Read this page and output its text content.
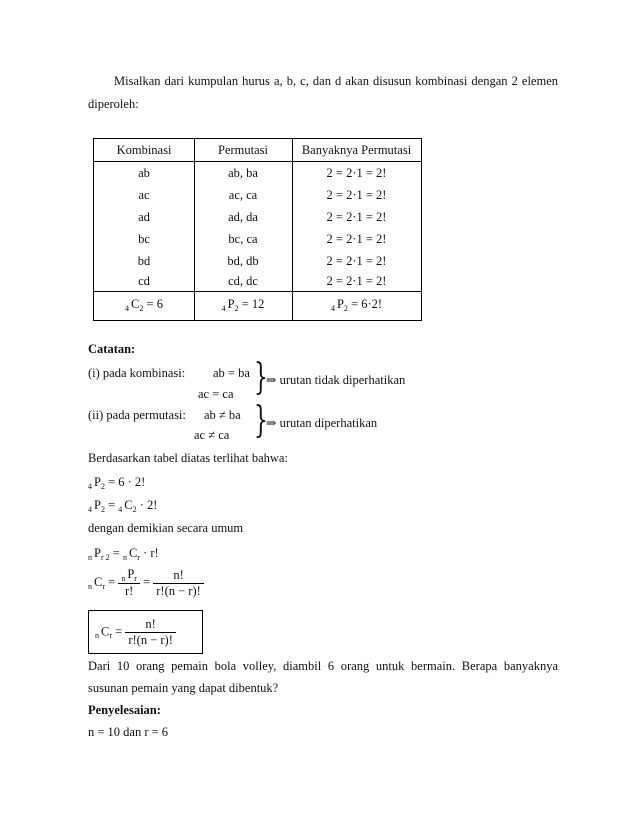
Misalkan dari kumpulan hurus a, b, c, dan d akan disusun kombinasi dengan 2 elemen
diperoleh:
Kombinasi	Permutasi	Banyaknya Permutasi
ab	ab, ba	2 = 2·1 = 2!
ac	ac, ca	2 = 2·1 = 2!
ad	ad, da	2 = 2·1 = 2!
bc	bc, ca	2 = 2·1 = 2!
bd	bd, db	2 = 2·1 = 2!
cd	cd, dc	2 = 2·1 = 2!
$_4$ $C_2 = 6$	$_4$ $P_2 = 12$	$_4$ $P_2 = 6\cdot 2$!
Catatan:
(i) pada kombinasi: ab = ba
ac = ca }
⇒ urutan tidak diperhatikan
(ii) pada permutasi: ab ≠ ba
ac ≠ ca }
⇒ urutan diperhatikan
Berdasarkan tabel diatas terlihat bahwa:
$_4$ $P_2 = 6 \cdot 2$!
$_4$ $P_2 = _4$ $C_2 \cdot 2$!
dengan demikian secara umum
$_n$ $P_{r 2} = _n$ $C_r \cdot r$!
$_n$ $C_r = \frac{_n P_r}{r!} = \frac{n!}{r!(n - r)!}$
$_n$ $C_r = \frac{n!}{r!(n - r)!}$
Dari 10 orang pemain bola volley, diambil 6 orang untuk bermain. Berapa banyaknya
susunan pemain yang dapat dibentuk?
Penyelesaian:
n = 10 dan r = 6
